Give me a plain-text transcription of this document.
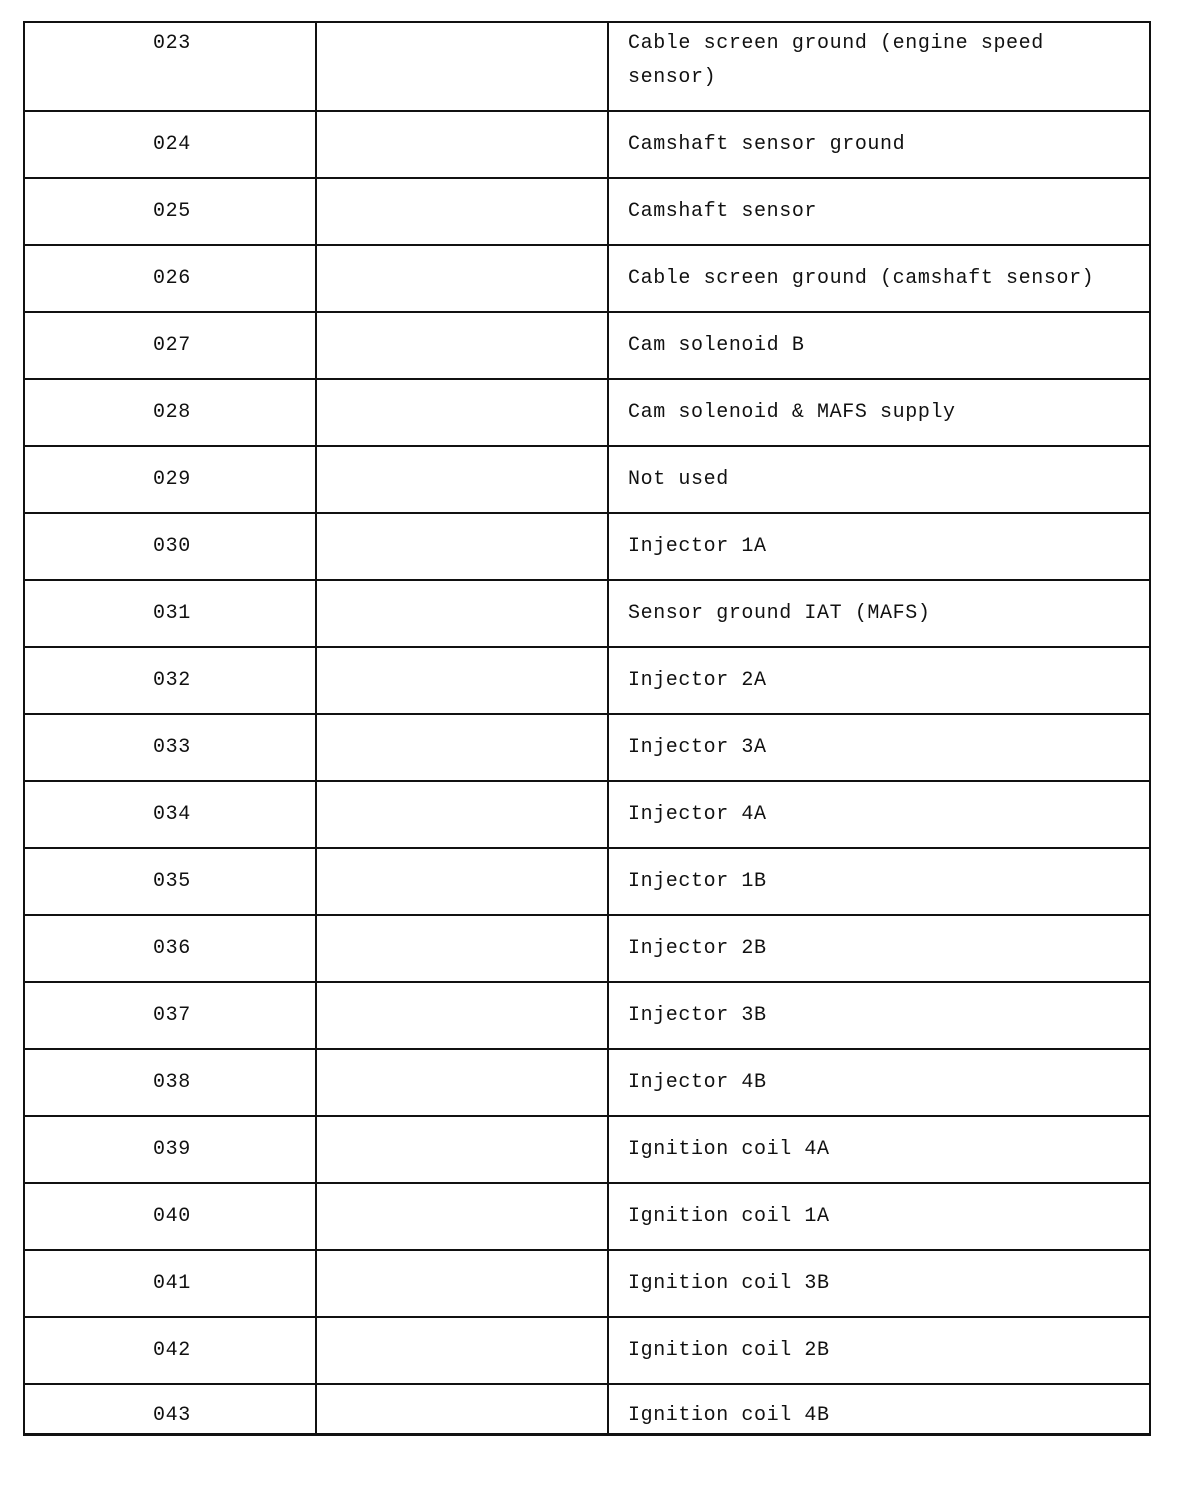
023		Cable screen ground (engine speed sensor)
024		Camshaft sensor ground
025		Camshaft sensor
026		Cable screen ground (camshaft sensor)
027		Cam solenoid B
028		Cam solenoid & MAFS supply
029		Not used
030		Injector 1A
031		Sensor ground IAT (MAFS)
032		Injector 2A
033		Injector 3A
034		Injector 4A
035		Injector 1B
036		Injector 2B
037		Injector 3B
038		Injector 4B
039		Ignition coil 4A
040		Ignition coil 1A
041		Ignition coil 3B
042		Ignition coil 2B
043		Ignition coil 4B
